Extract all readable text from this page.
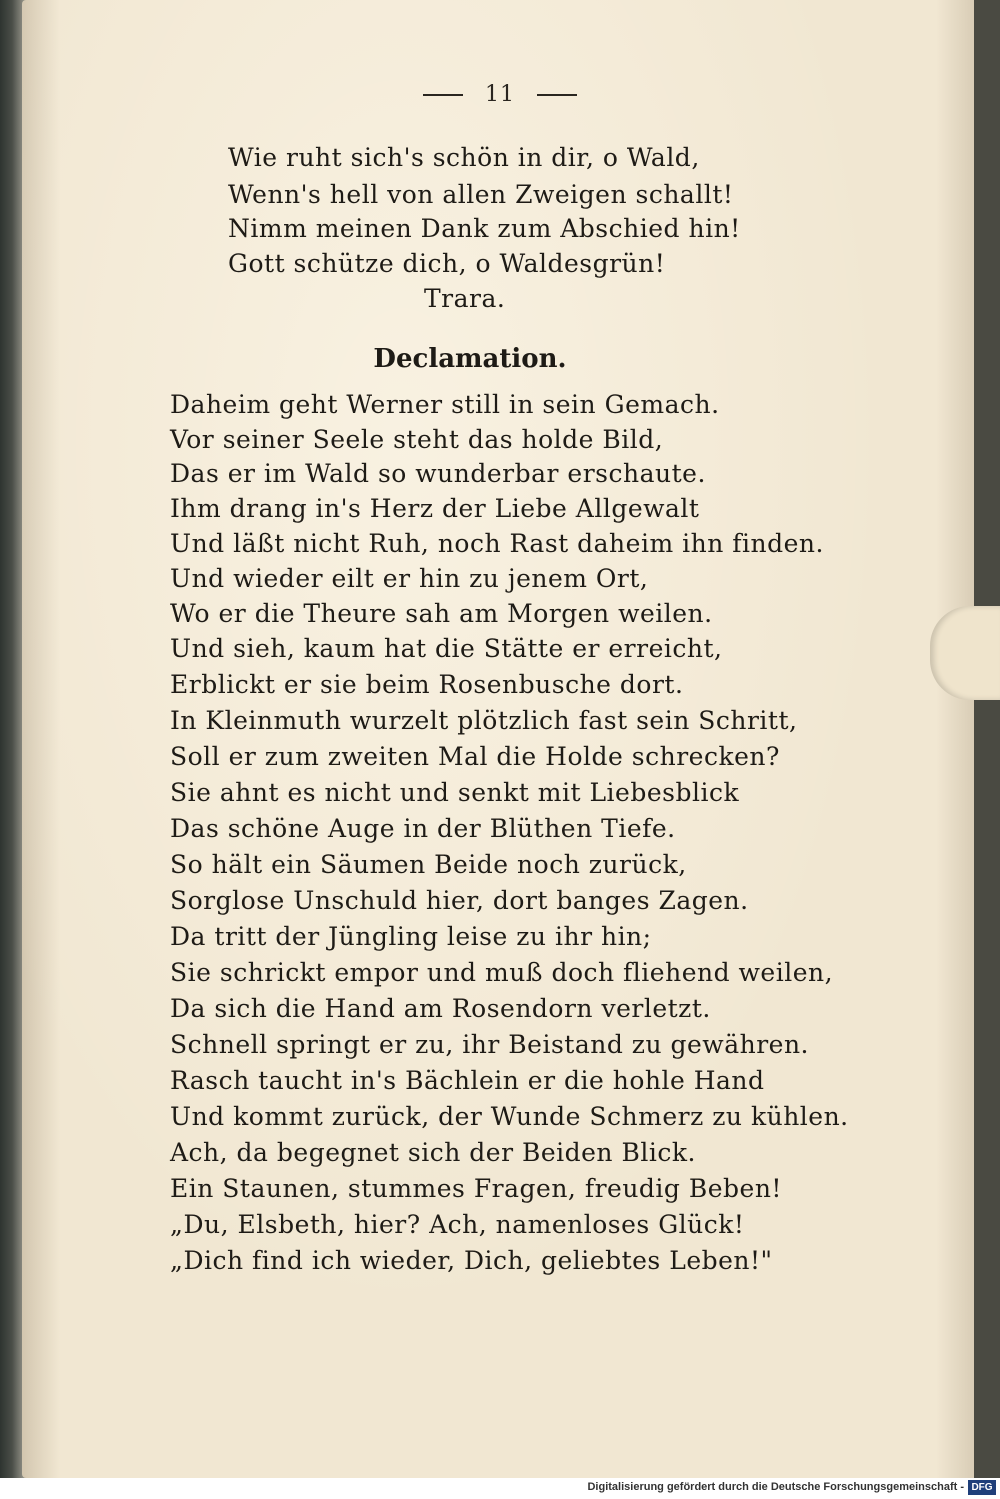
11
Wie ruht sich's schön in dir, o Wald,
Wenn's hell von allen Zweigen schallt!
Nimm meinen Dank zum Abschied hin!
Gott schütze dich, o Waldesgrün!
Trara.
Declamation.
Daheim geht Werner still in sein Gemach.
Vor seiner Seele steht das holde Bild,
Das er im Wald so wunderbar erschaute.
Ihm drang in's Herz der Liebe Allgewalt
Und läßt nicht Ruh, noch Rast daheim ihn finden.
Und wieder eilt er hin zu jenem Ort,
Wo er die Theure sah am Morgen weilen.
Und sieh, kaum hat die Stätte er erreicht,
Erblickt er sie beim Rosenbusche dort.
In Kleinmuth wurzelt plötzlich fast sein Schritt,
Soll er zum zweiten Mal die Holde schrecken?
Sie ahnt es nicht und senkt mit Liebesblick
Das schöne Auge in der Blüthen Tiefe.
So hält ein Säumen Beide noch zurück,
Sorglose Unschuld hier, dort banges Zagen.
Da tritt der Jüngling leise zu ihr hin;
Sie schrickt empor und muß doch fliehend weilen,
Da sich die Hand am Rosendorn verletzt.
Schnell springt er zu, ihr Beistand zu gewähren.
Rasch taucht in's Bächlein er die hohle Hand
Und kommt zurück, der Wunde Schmerz zu kühlen.
Ach, da begegnet sich der Beiden Blick.
Ein Staunen, stummes Fragen, freudig Beben!
„Du, Elsbeth, hier? Ach, namenloses Glück!
„Dich find ich wieder, Dich, geliebtes Leben!"
Digitalisierung gefördert durch die Deutsche Forschungsgemeinschaft - DFG
